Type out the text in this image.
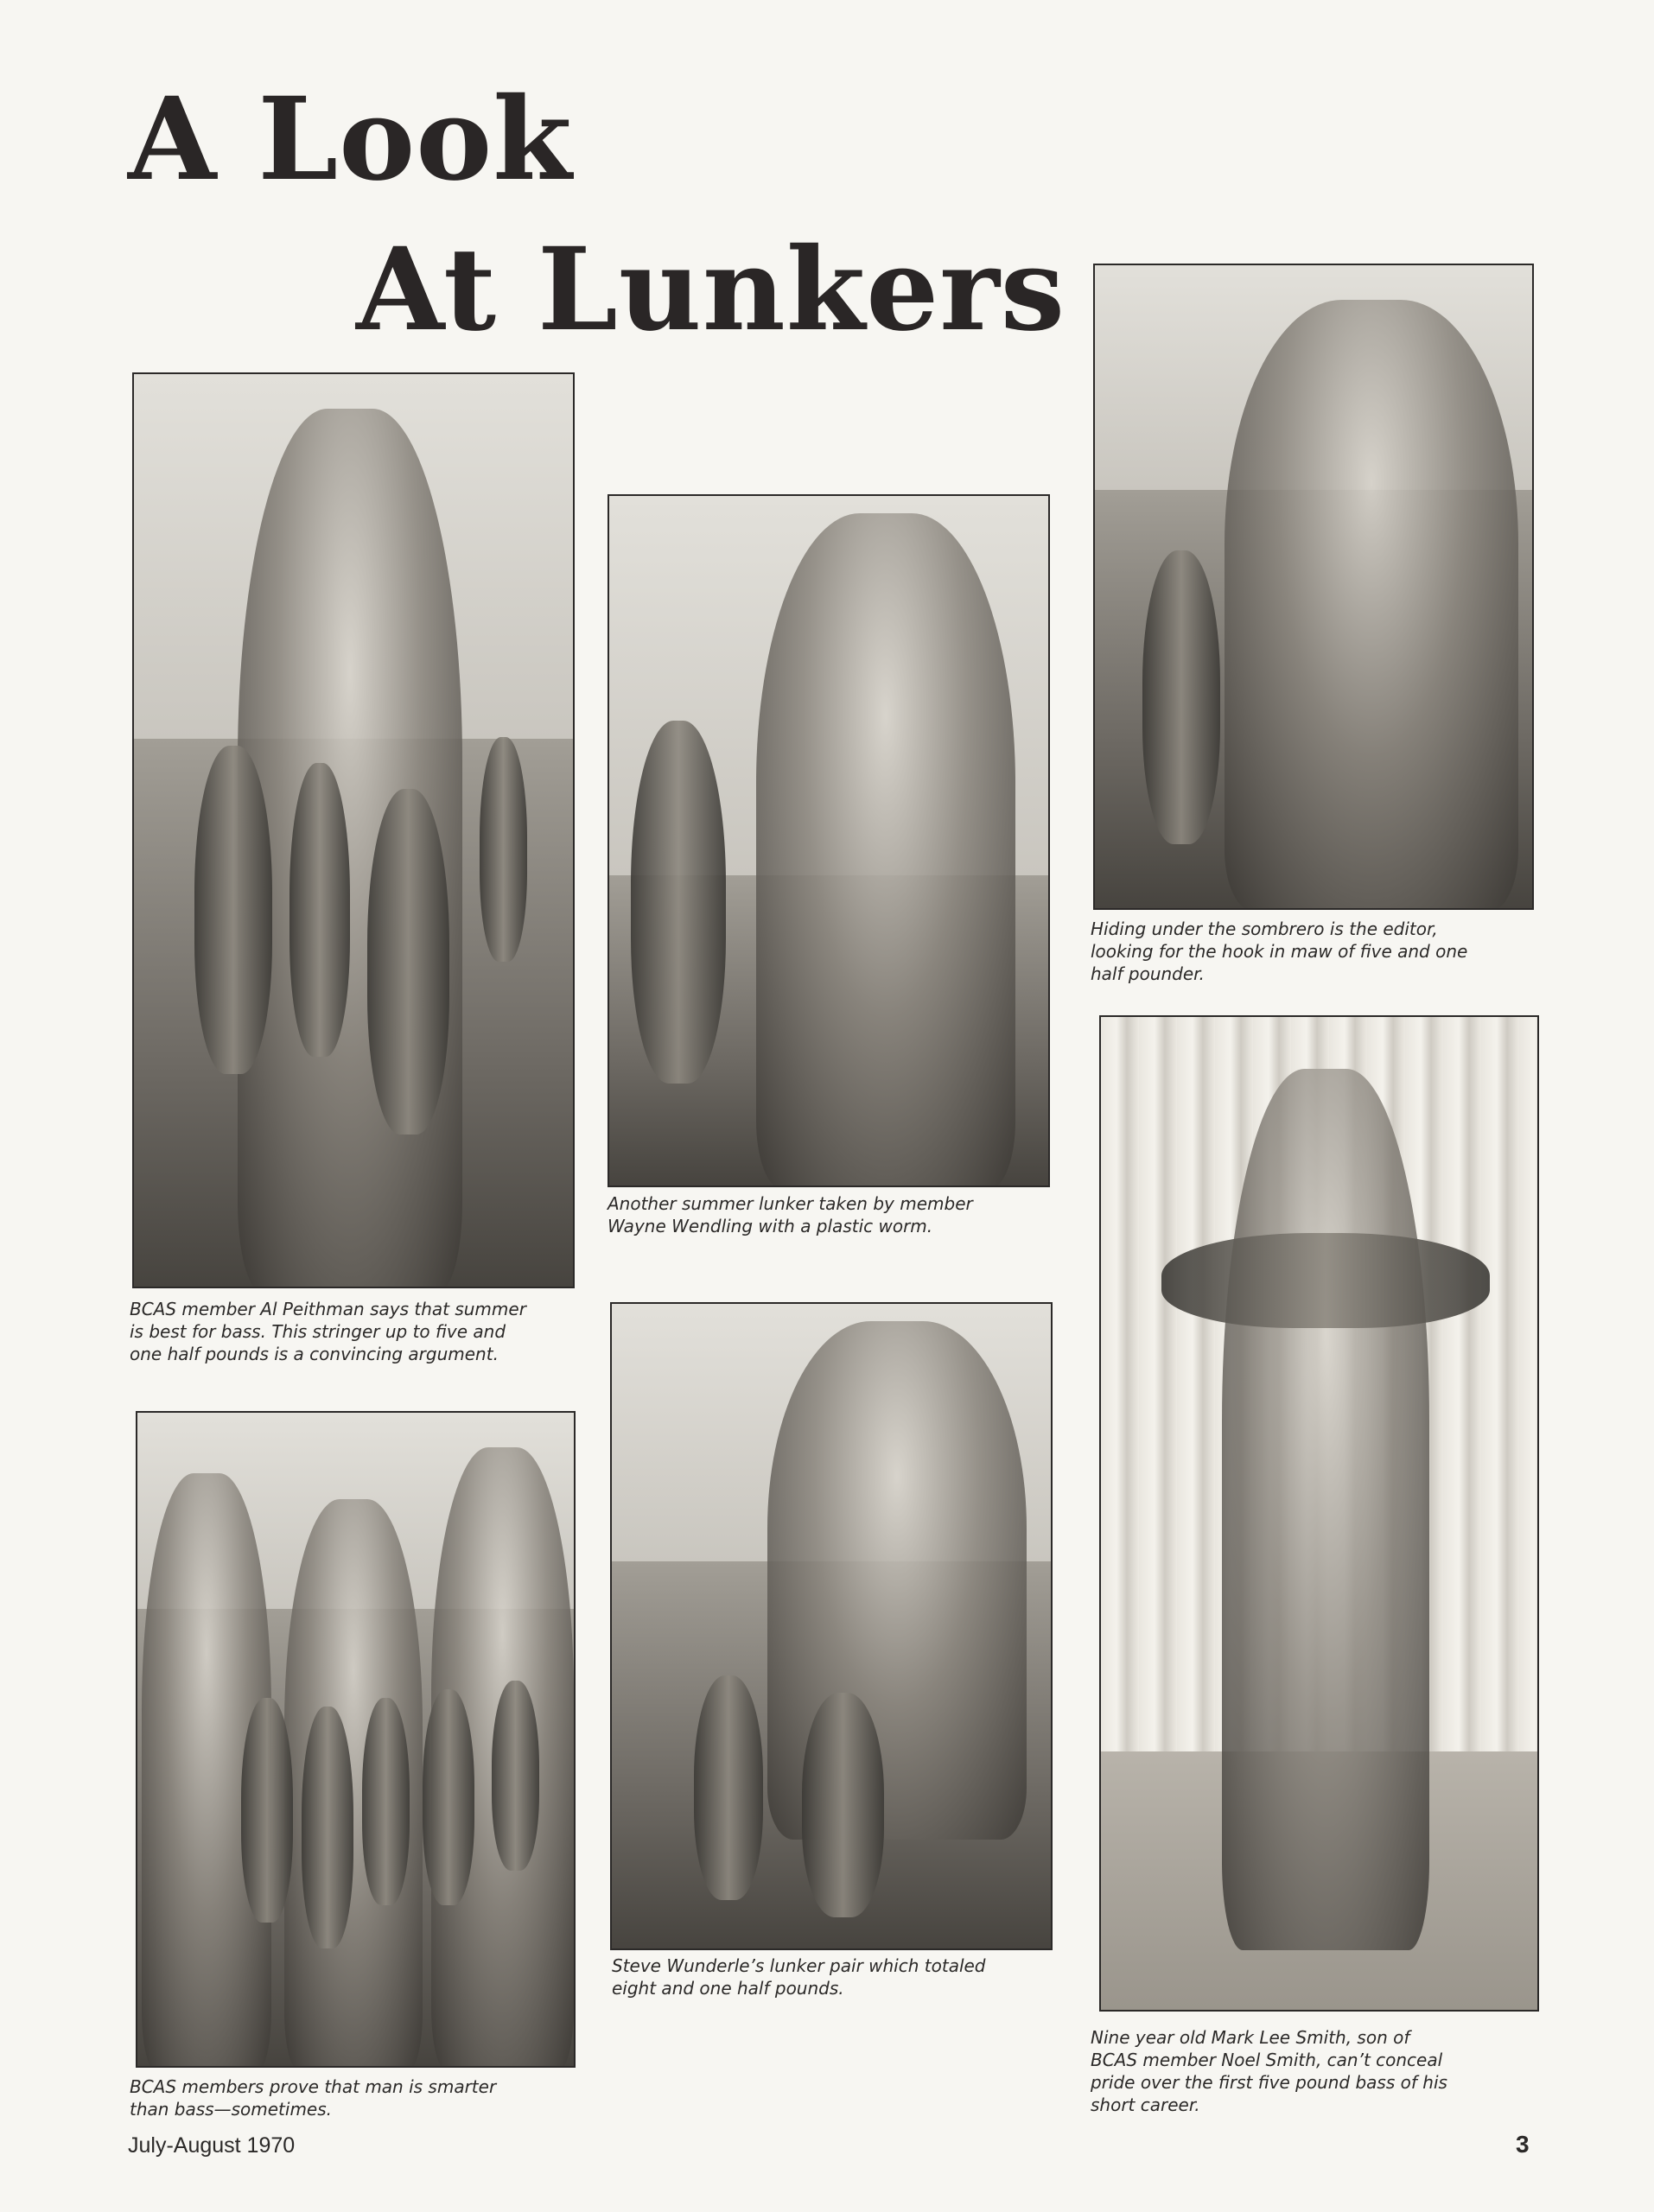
A Look
At Lunkers

BCAS member Al Peithman says that summer
is best for bass. This stringer up to five and
one half pounds is a convincing argument.

Another summer lunker taken by member
Wayne Wendling with a plastic worm.

Hiding under the sombrero is the editor,
looking for the hook in maw of five and one
half pounder.

Nine year old Mark Lee Smith, son of
BCAS member Noel Smith, can’t conceal
pride over the first five pound bass of his
short career.

BCAS members prove that man is smarter
than bass—sometimes.

Steve Wunderle’s lunker pair which totaled
eight and one half pounds.

July-August 1970	3
